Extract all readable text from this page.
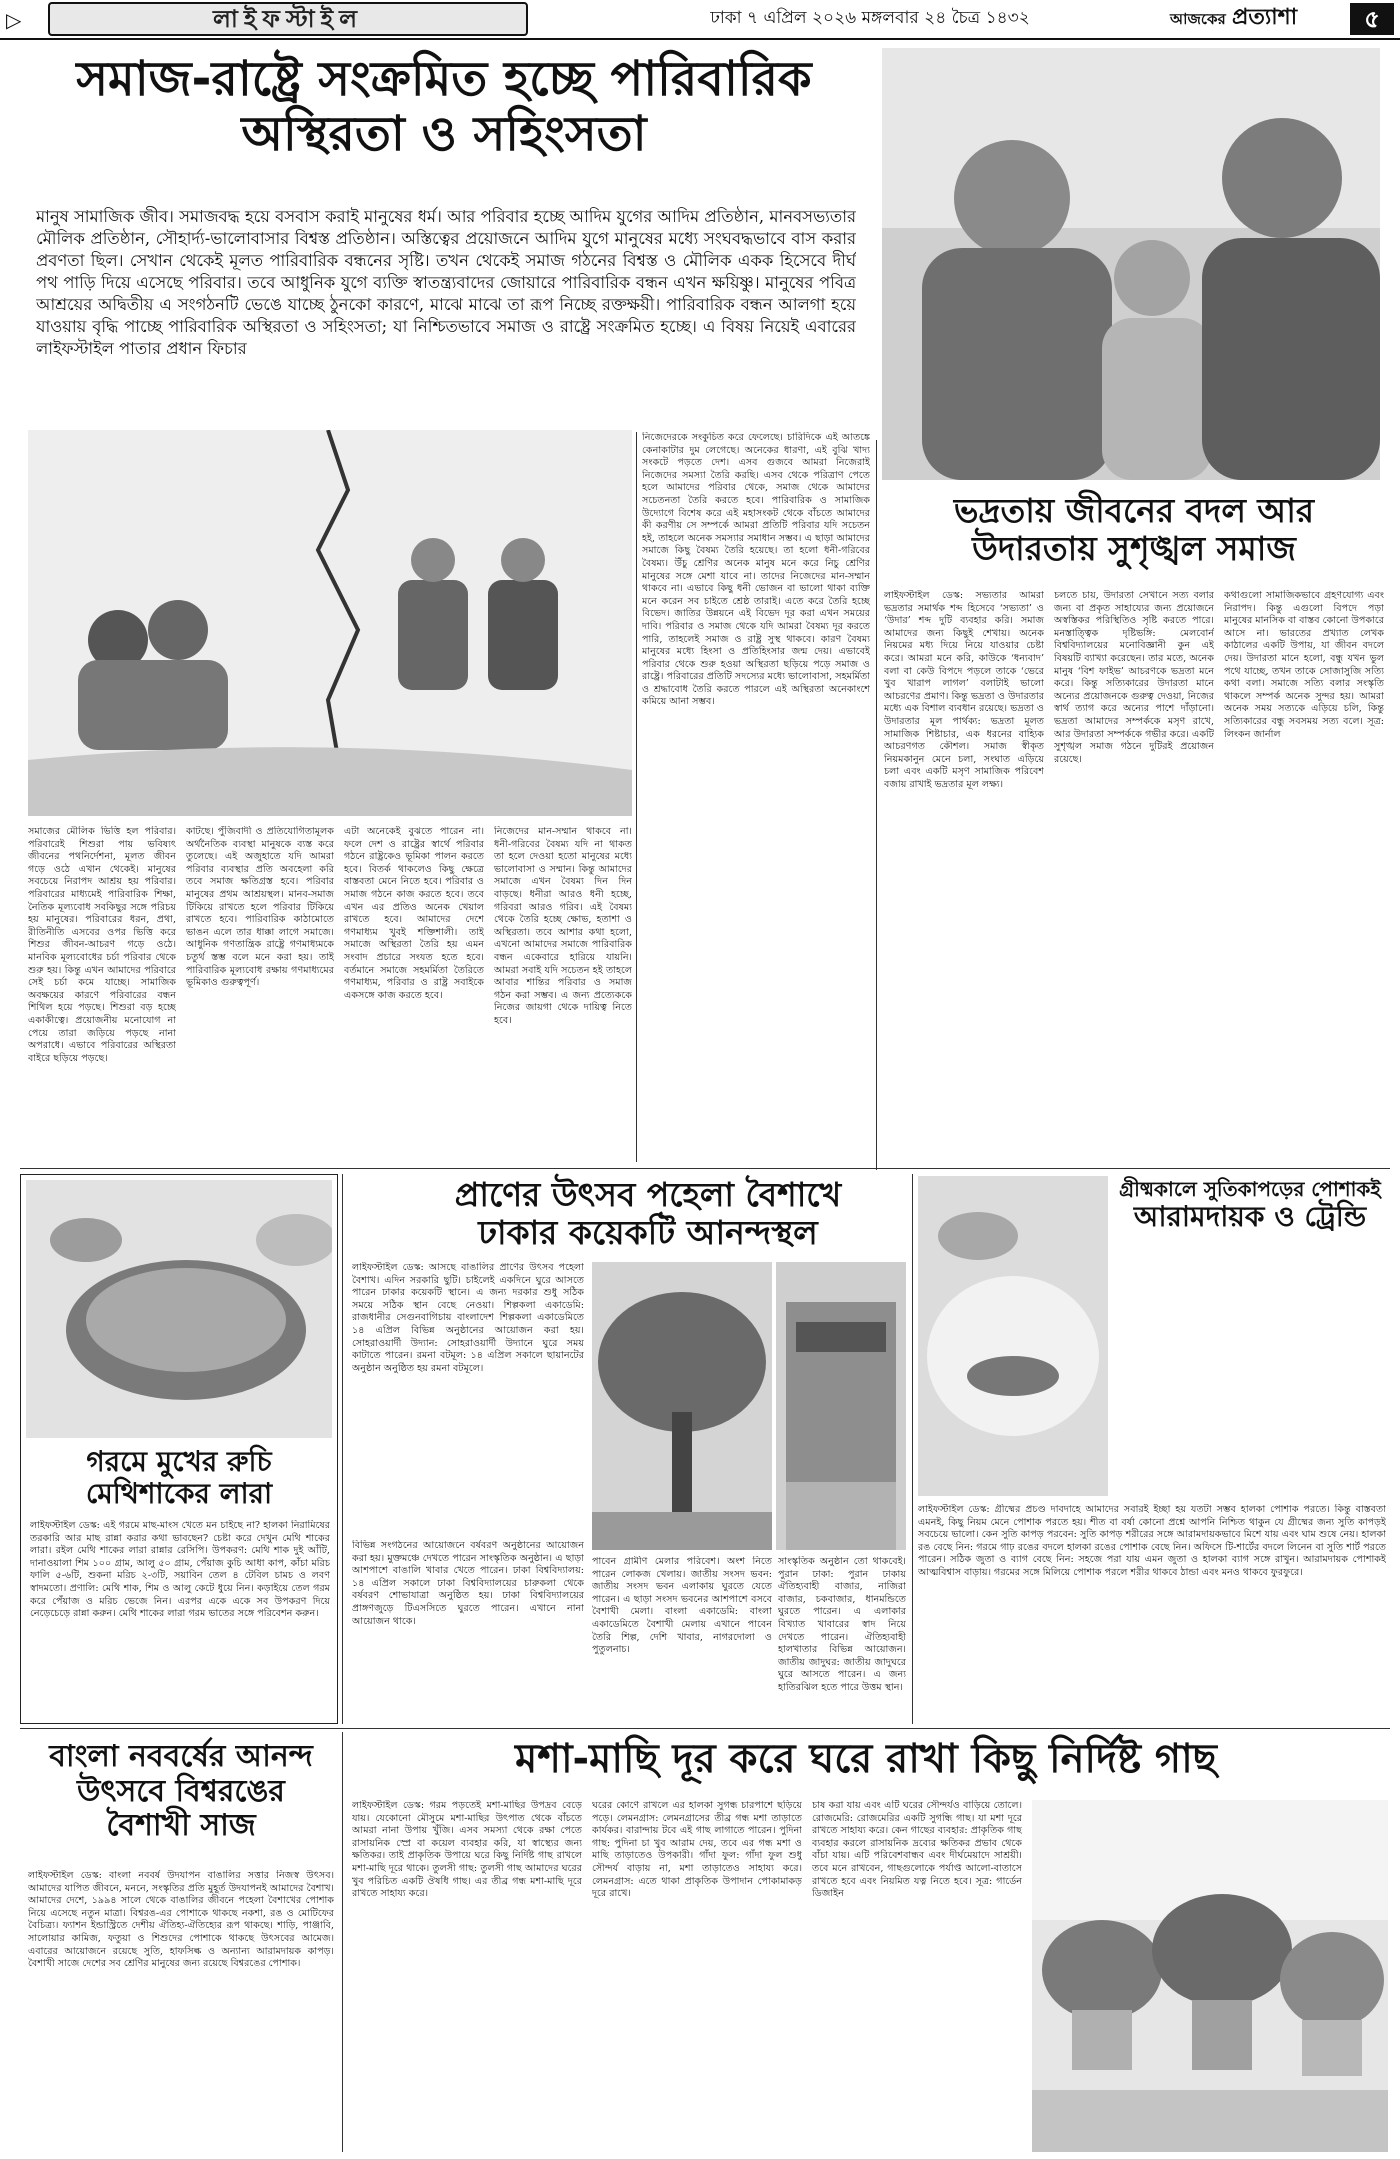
▷	লাইফস্টাইল	ঢাকা ৭ এপ্রিল ২০২৬ মঙ্গলবার ২৪ চৈত্র ১৪৩২	আজকের প্রত্যাশা	৫
সমাজ-রাষ্ট্রে সংক্রমিত হচ্ছে পারিবারিক
অস্থিরতা ও সহিংসতা
মানুষ সামাজিক জীব। সমাজবদ্ধ হয়ে বসবাস করাই মানুষের ধর্ম। আর পরিবার হচ্ছে আদিম যুগের আদিম প্রতিষ্ঠান, মানবসভ্যতার মৌলিক প্রতিষ্ঠান, সৌহার্দ্য-ভালোবাসার বিশ্বস্ত প্রতিষ্ঠান। অস্তিত্বের প্রয়োজনে আদিম যুগে মানুষের মধ্যে সংঘবদ্ধভাবে বাস করার প্রবণতা ছিল। সেখান থেকেই মূলত পারিবারিক বন্ধনের সৃষ্টি। তখন থেকেই সমাজ গঠনের বিশ্বস্ত ও মৌলিক একক হিসেবে দীর্ঘ পথ পাড়ি দিয়ে এসেছে পরিবার। তবে আধুনিক যুগে ব্যক্তি স্বাতন্ত্র্যবাদের জোয়ারে পারিবারিক বন্ধন এখন ক্ষয়িষ্ণু। মানুষের পবিত্র আশ্রয়ের অদ্বিতীয় এ সংগঠনটি ভেঙে যাচ্ছে ঠুনকো কারণে, মাঝে মাঝে তা রূপ নিচ্ছে রক্তক্ষয়ী। পারিবারিক বন্ধন আলগা হয়ে যাওয়ায় বৃদ্ধি পাচ্ছে পারিবারিক অস্থিরতা ও সহিংসতা; যা নিশ্চিতভাবে সমাজ ও রাষ্ট্রে সংক্রমিত হচ্ছে। এ বিষয় নিয়েই এবারের লাইফস্টাইল পাতার প্রধান ফিচার
নিজেদেরকে সংকুচিত করে ফেলেছে। চারিদিকে এই আতঙ্কে কেনাকাটার দুম লেগেছে। অনেকের ধারণা, এই বুঝি খাদ্য সংকটে পড়তে দেশ। এসব গুজবে আমরা নিজেরাই নিজেদের সমস্যা তৈরি করছি। এসব থেকে পরিত্রাণ পেতে হলে আমাদের পরিবার থেকে, সমাজ থেকে আমাদের সচেতনতা তৈরি করতে হবে। পারিবারিক ও সামাজিক উদ্যোগে বিশেষ করে এই মহাসংকট থেকে বাঁচতে আমাদের কী করণীয় সে সম্পর্কে আমরা প্রতিটি পরিবার যদি সচেতন হই, তাহলে অনেক সমস্যার সমাধান সম্ভব। এ ছাড়া আমাদের সমাজে কিছু বৈষম্য তৈরি হয়েছে। তা হলো ধনী-গরিবের বৈষম্য। উঁচু শ্রেণির অনেক মানুষ মনে করে নিচু শ্রেণির মানুষের সঙ্গে মেশা যাবে না। তাদের নিজেদের মান-সম্মান থাকবে না। এভাবে কিছু ধনী ভোজন বা ভালো থাকা ব্যক্তি মনে করেন সব চাইতে শ্রেষ্ঠ তারাই। এতে করে তৈরি হচ্ছে বিভেদ। জাতির উন্নয়নে এই বিভেদ দূর করা এখন সময়ের দাবি। পরিবার ও সমাজ থেকে যদি আমরা বৈষম্য দূর করতে পারি, তাহলেই সমাজ ও রাষ্ট্র সুস্থ থাকবে। কারণ বৈষম্য মানুষের মধ্যে হিংসা ও প্রতিহিংসার জন্ম দেয়। এভাবেই পরিবার থেকে শুরু হওয়া অস্থিরতা ছড়িয়ে পড়ে সমাজ ও রাষ্ট্রে। পরিবারের প্রতিটি সদস্যের মধ্যে ভালোবাসা, সহমর্মিতা ও শ্রদ্ধাবোধ তৈরি করতে পারলে এই অস্থিরতা অনেকাংশে কমিয়ে আনা সম্ভব।
সমাজের মৌলিক ভিত্তি হল পরিবার। পরিবারেই শিশুরা পায় ভবিষ্যৎ জীবনের পথনির্দেশনা, মূলত জীবন গড়ে ওঠে এখান থেকেই। মানুষের সবচেয়ে নিরাপদ আশ্রয় হয় পরিবার। পরিবারের মাধ্যমেই পারিবারিক শিক্ষা, নৈতিক মূল্যবোধ সবকিছুর সঙ্গে পরিচয় হয় মানুষের। পরিবারের ধরন, প্রথা, রীতিনীতি এসবের ওপর ভিত্তি করে শিশুর জীবন-আচরণ গড়ে ওঠে। মানবিক মূল্যবোধের চর্চা পরিবার থেকে শুরু হয়। কিন্তু এখন আমাদের পরিবারে সেই চর্চা কমে যাচ্ছে। সামাজিক অবক্ষয়ের কারণে পরিবারের বন্ধন শিথিল হয়ে পড়ছে। শিশুরা বড় হচ্ছে একাকীত্বে। প্রয়োজনীয় মনোযোগ না পেয়ে তারা জড়িয়ে পড়ছে নানা অপরাধে। এভাবে পরিবারের অস্থিরতা বাইরে ছড়িয়ে পড়ছে।
কাটছে। পুঁজিবাদী ও প্রতিযোগিতামূলক অর্থনৈতিক ব্যবস্থা মানুষকে ব্যস্ত করে তুলেছে। এই অজুহাতে যদি আমরা পরিবার ব্যবস্থার প্রতি অবহেলা করি তবে সমাজ ক্ষতিগ্রস্ত হবে। পরিবার মানুষের প্রথম আশ্রয়স্থল। মানব-সমাজ টিকিয়ে রাখতে হলে পরিবার টিকিয়ে রাখতে হবে। পারিবারিক কাঠামোতে ভাঙন এলে তার ধাক্কা লাগে সমাজে। আধুনিক গণতান্ত্রিক রাষ্ট্রে গণমাধ্যমকে চতুর্থ স্তম্ভ বলে মনে করা হয়। তাই পারিবারিক মূল্যবোধ রক্ষায় গণমাধ্যমের ভূমিকাও গুরুত্বপূর্ণ।
এটা অনেকেই বুঝতে পারেন না। ফলে দেশ ও রাষ্ট্রের স্বার্থে পরিবার গঠনে রাষ্ট্রকেও ভূমিকা পালন করতে হবে। বিতর্ক থাকলেও কিছু ক্ষেত্রে বাস্তবতা মেনে নিতে হবে। পরিবার ও সমাজ গঠনে কাজ করতে হবে। তবে এখন এর প্রতিও অনেক খেয়াল রাখতে হবে। আমাদের দেশে গণমাধ্যম খুবই শক্তিশালী। তাই সমাজে অস্থিরতা তৈরি হয় এমন সংবাদ প্রচারে সংযত হতে হবে। বর্তমানে সমাজে সহমর্মিতা তৈরিতে গণমাধ্যম, পরিবার ও রাষ্ট্র সবাইকে একসঙ্গে কাজ করতে হবে।
নিজেদের মান-সম্মান থাকবে না। ধনী-গরিবের বৈষম্য যদি না থাকত তা হলে দেওয়া হতো মানুষের মধ্যে ভালোবাসা ও সম্মান। কিন্তু আমাদের সমাজে এখন বৈষম্য দিন দিন বাড়ছে। ধনীরা আরও ধনী হচ্ছে, গরিবরা আরও গরিব। এই বৈষম্য থেকে তৈরি হচ্ছে ক্ষোভ, হতাশা ও অস্থিরতা। তবে আশার কথা হলো, এখনো আমাদের সমাজে পারিবারিক বন্ধন একেবারে হারিয়ে যায়নি। আমরা সবাই যদি সচেতন হই তাহলে আবার শান্তির পরিবার ও সমাজ গঠন করা সম্ভব। এ জন্য প্রত্যেককে নিজের জায়গা থেকে দায়িত্ব নিতে হবে।
ভদ্রতায় জীবনের বদল আর
উদারতায় সুশৃঙ্খল সমাজ
লাইফস্টাইল ডেস্ক: সভ্যতার আমরা ভদ্রতার সমার্থক শব্দ হিসেবে ‘সভ্যতা’ ও ‘উদার’ শব্দ দুটি ব্যবহার করি। সমাজ আমাদের জন্য কিছুই শেখায়। অনেক নিয়মের মধ্য দিয়ে নিয়ে যাওয়ার চেষ্টা করে। আমরা মনে করি, কাউকে ‘ধন্যবাদ’ বলা বা কেউ বিপদে পড়লে তাকে ‘ভেরে খুব খারাপ লাগল’ বলাটাই ভালো আচরণের প্রমাণ। কিন্তু ভদ্রতা ও উদারতার মধ্যে এক বিশাল ব্যবধান রয়েছে। ভদ্রতা ও উদারতার মূল পার্থক্য: ভদ্রতা মূলত সামাজিক শিষ্টাচার, এক ধরনের বাহ্যিক আচরণগত কৌশল। সমাজ স্বীকৃত নিয়মকানুন মেনে চলা, সংঘাত এড়িয়ে চলা এবং একটি মসৃণ সামাজিক পরিবেশ বজায় রাখাই ভদ্রতার মূল লক্ষ্য।
চলতে চায়, উদারতা সেখানে সত্য বলার জন্য বা প্রকৃত সাহায্যের জন্য প্রয়োজনে অস্বস্তিকর পরিস্থিতিও সৃষ্টি করতে পারে। মনস্তাত্ত্বিক দৃষ্টিভঙ্গি: মেলবোর্ন বিশ্ববিদ্যালয়ের মনোবিজ্ঞানী কুন এই বিষয়টি ব্যাখ্যা করেছেন। তার মতে, অনেক মানুষ ‘বিশ ফাইভ’ আচরণকে ভদ্রতা মনে করে। কিন্তু সত্যিকারের উদারতা মানে অন্যের প্রয়োজনকে গুরুত্ব দেওয়া, নিজের স্বার্থ ত্যাগ করে অন্যের পাশে দাঁড়ানো। ভদ্রতা আমাদের সম্পর্ককে মসৃণ রাখে, আর উদারতা সম্পর্ককে গভীর করে। একটি সুশৃঙ্খল সমাজ গঠনে দুটিরই প্রয়োজন রয়েছে।
কথাগুলো সামাজিকভাবে গ্রহণযোগ্য এবং নিরাপদ। কিন্তু এগুলো বিপদে পড়া মানুষের মানসিক বা বাস্তব কোনো উপকারে আসে না। ভারতের প্রখ্যাত লেখক কাঠালের একটি উপায়, যা জীবন বদলে দেয়। উদারতা মানে হলো, বন্ধু যখন ভুল পথে যাচ্ছে, তখন তাকে সোজাসুজি সত্যি কথা বলা। সমাজে সত্যি বলার সংস্কৃতি থাকলে সম্পর্ক অনেক সুন্দর হয়। আমরা অনেক সময় সত্যকে এড়িয়ে চলি, কিন্তু সত্যিকারের বন্ধু সবসময় সত্য বলে। সূত্র: লিংকন জার্নাল
গরমে মুখের রুচি
মেথিশাকের লারা
লাইফস্টাইল ডেস্ক: এই গরমে মাছ-মাংস খেতে মন চাইছে না? হালকা নিরামিষের তরকারি আর মাছ রান্না করার কথা ভাবছেন? চেষ্টা করে দেখুন মেথি শাকের লারা। রইল মেথি শাকের লারা রান্নার রেসিপি। উপকরণ: মেথি শাক দুই আঁটি, দানাওয়ালা শিম ১০০ গ্রাম, আলু ৫০ গ্রাম, পেঁয়াজ কুচি আধা কাপ, কাঁচা মরিচ ফালি ৫-৬টি, শুকনা মরিচ ২-৩টি, সয়াবিন তেল ৪ টেবিল চামচ ও লবণ স্বাদমতো। প্রণালি: মেথি শাক, শিম ও আলু কেটে ধুয়ে নিন। কড়াইয়ে তেল গরম করে পেঁয়াজ ও মরিচ ভেজে নিন। এরপর একে একে সব উপকরণ দিয়ে নেড়েচেড়ে রান্না করুন। মেথি শাকের লারা গরম ভাতের সঙ্গে পরিবেশন করুন।
প্রাণের উৎসব পহেলা বৈশাখে
ঢাকার কয়েকটি আনন্দস্থল
লাইফস্টাইল ডেস্ক: আসছে বাঙালির প্রাণের উৎসব পহেলা বৈশাখ। এদিন সরকারি ছুটি। চাইলেই একদিনে ঘুরে আসতে পারেন ঢাকার কয়েকটি স্থানে। এ জন্য দরকার শুধু সঠিক সময়ে সঠিক স্থান বেছে নেওয়া। শিল্পকলা একাডেমি: রাজধানীর সেগুনবাগিচায় বাংলাদেশ শিল্পকলা একাডেমিতে ১৪ এপ্রিল বিভিন্ন অনুষ্ঠানের আয়োজন করা হয়। সোহরাওয়ার্দী উদ্যান: সোহরাওয়ার্দী উদ্যানে ঘুরে সময় কাটাতে পারেন। রমনা বটমূল: ১৪ এপ্রিল সকালে ছায়ানটের অনুষ্ঠান অনুষ্ঠিত হয় রমনা বটমূলে।
বিভিন্ন সংগঠনের আয়োজনে বর্ষবরণ অনুষ্ঠানের আয়োজন করা হয়। মুক্তমঞ্চে দেখতে পারেন সাংস্কৃতিক অনুষ্ঠান। এ ছাড়া আশপাশে বাঙালি খাবার খেতে পারেন। ঢাকা বিশ্ববিদ্যালয়: ১৪ এপ্রিল সকালে ঢাকা বিশ্ববিদ্যালয়ের চারুকলা থেকে বর্ষবরণ শোভাযাত্রা অনুষ্ঠিত হয়। ঢাকা বিশ্ববিদ্যালয়ের প্রাঙ্গণজুড়ে টিএসসিতে ঘুরতে পারেন। এখানে নানা আয়োজন থাকে।
পাবেন গ্রামীণ মেলার পরিবেশ। অংশ নিতে পারেন লোকজ খেলায়। জাতীয় সংসদ ভবন: জাতীয় সংসদ ভবন এলাকায় ঘুরতে যেতে পারেন। এ ছাড়া সংসদ ভবনের আশপাশে বসবে বৈশাখী মেলা। বাংলা একাডেমি: বাংলা একাডেমিতে বৈশাখী মেলায় এখানে পাবেন তৈরি শিল্প, দেশি খাবার, নাগরদোলা ও পুতুলনাচ।
সাংস্কৃতিক অনুষ্ঠান তো থাকবেই। পুরান ঢাকা: পুরান ঢাকায় ঐতিহ্যবাহী বাজার, নাজিরা বাজার, চকবাজার, ধানমন্ডিতে ঘুরতে পারেন। এ এলাকার বিখ্যাত খাবারের স্বাদ নিয়ে দেখতে পারেন। ঐতিহ্যবাহী হালখাতার বিভিন্ন আয়োজন। জাতীয় জাদুঘর: জাতীয় জাদুঘরে ঘুরে আসতে পারেন। এ জন্য হাতিরঝিল হতে পারে উত্তম স্থান।
গ্রীষ্মকালে সুতিকাপড়ের পোশাকই
আরামদায়ক ও ট্রেন্ডি
লাইফস্টাইল ডেস্ক: গ্রীষ্মের প্রচণ্ড দাবদাহে আমাদের সবারই ইচ্ছা হয় যতটা সম্ভব হালকা পোশাক পরতে। কিন্তু বাস্তবতা এমনই, কিছু নিয়ম মেনে পোশাক পরতে হয়। শীত বা বর্ষা কোনো প্রশ্নে আপনি নিশ্চিত থাকুন যে গ্রীষ্মের জন্য সুতি কাপড়ই সবচেয়ে ভালো। কেন সুতি কাপড় পরবেন: সুতি কাপড় শরীরের সঙ্গে আরামদায়কভাবে মিশে যায় এবং ঘাম শুষে নেয়। হালকা রঙ বেছে নিন: গরমে গাঢ় রঙের বদলে হালকা রঙের পোশাক বেছে নিন। অফিসে টি-শার্টের বদলে লিনেন বা সুতি শার্ট পরতে পারেন। সঠিক জুতা ও ব্যাগ বেছে নিন: সহজে পরা যায় এমন জুতা ও হালকা ব্যাগ সঙ্গে রাখুন। আরামদায়ক পোশাকই আত্মবিশ্বাস বাড়ায়। গরমের সঙ্গে মিলিয়ে পোশাক পরলে শরীর থাকবে ঠান্ডা এবং মনও থাকবে ফুরফুরে।
মশা-মাছি দূর করে ঘরে রাখা কিছু নির্দিষ্ট গাছ
বাংলা নববর্ষের আনন্দ
উৎসবে বিশ্বরঙের
বৈশাখী সাজ
লাইফস্টাইল ডেস্ক: বাংলা নববর্ষ উদযাপন বাঙালির সত্তার নিজস্ব উৎসব। আমাদের যাপিত জীবনে, মননে, সংস্কৃতির প্রতি মুহূর্ত উদযাপনই আমাদের বৈশাখ। আমাদের দেশে, ১৯৯৪ সালে থেকে বাঙালির জীবনে পহেলা বৈশাখের পোশাক নিয়ে এসেছে নতুন মাত্রা। বিশ্বরঙ-এর পোশাকে থাকছে নকশা, রঙ ও মোটিফের বৈচিত্র্য। ফ্যাশন ইন্ডাস্ট্রিতে দেশীয় ঐতিহ্য-ঐতিহ্যের রূপ থাকছে। শাড়ি, পাঞ্জাবি, সালোয়ার কামিজ, ফতুয়া ও শিশুদের পোশাকে থাকছে উৎসবের আমেজ। এবারের আয়োজনে রয়েছে সুতি, হাফসিল্ক ও অন্যান্য আরামদায়ক কাপড়। বৈশাখী সাজে দেশের সব শ্রেণির মানুষের জন্য রয়েছে বিশ্বরঙের পোশাক।
লাইফস্টাইল ডেস্ক: গরম পড়তেই মশা-মাছির উপদ্রব বেড়ে যায়। যেকোনো মৌসুমে মশা-মাছির উৎপাত থেকে বাঁচতে আমরা নানা উপায় খুঁজি। এসব সমস্যা থেকে রক্ষা পেতে রাসায়নিক স্প্রে বা কয়েল ব্যবহার করি, যা স্বাস্থ্যের জন্য ক্ষতিকর। তাই প্রাকৃতিক উপায়ে ঘরে কিছু নির্দিষ্ট গাছ রাখলে মশা-মাছি দূরে থাকে। তুলসী গাছ: তুলসী গাছ আমাদের ঘরের খুব পরিচিত একটি ঔষধি গাছ। এর তীব্র গন্ধ মশা-মাছি দূরে রাখতে সাহায্য করে।
ঘরের কোণে রাখলে এর হালকা সুগন্ধ চারপাশে ছড়িয়ে পড়ে। লেমনগ্রাস: লেমনগ্রাসের তীব্র গন্ধ মশা তাড়াতে কার্যকর। বারান্দায় টবে এই গাছ লাগাতে পারেন। পুদিনা গাছ: পুদিনা চা খুব আরাম দেয়, তবে এর গন্ধ মশা ও মাছি তাড়াতেও উপকারী। গাঁদা ফুল: গাঁদা ফুল শুধু সৌন্দর্য বাড়ায় না, মশা তাড়াতেও সাহায্য করে। লেমনগ্রাস: এতে থাকা প্রাকৃতিক উপাদান পোকামাকড় দূরে রাখে।
চাষ করা যায় এবং এটি ঘরের সৌন্দর্যও বাড়িয়ে তোলে। রোজমেরি: রোজমেরির একটি সুগন্ধি গাছ। যা মশা দূরে রাখতে সাহায্য করে। কেন গাছের ব্যবহার: প্রাকৃতিক গাছ ব্যবহার করলে রাসায়নিক দ্রব্যের ক্ষতিকর প্রভাব থেকে বাঁচা যায়। এটি পরিবেশবান্ধব এবং দীর্ঘমেয়াদে সাশ্রয়ী। তবে মনে রাখবেন, গাছগুলোকে পর্যাপ্ত আলো-বাতাসে রাখতে হবে এবং নিয়মিত যত্ন নিতে হবে। সূত্র: গার্ডেন ডিজাইন
